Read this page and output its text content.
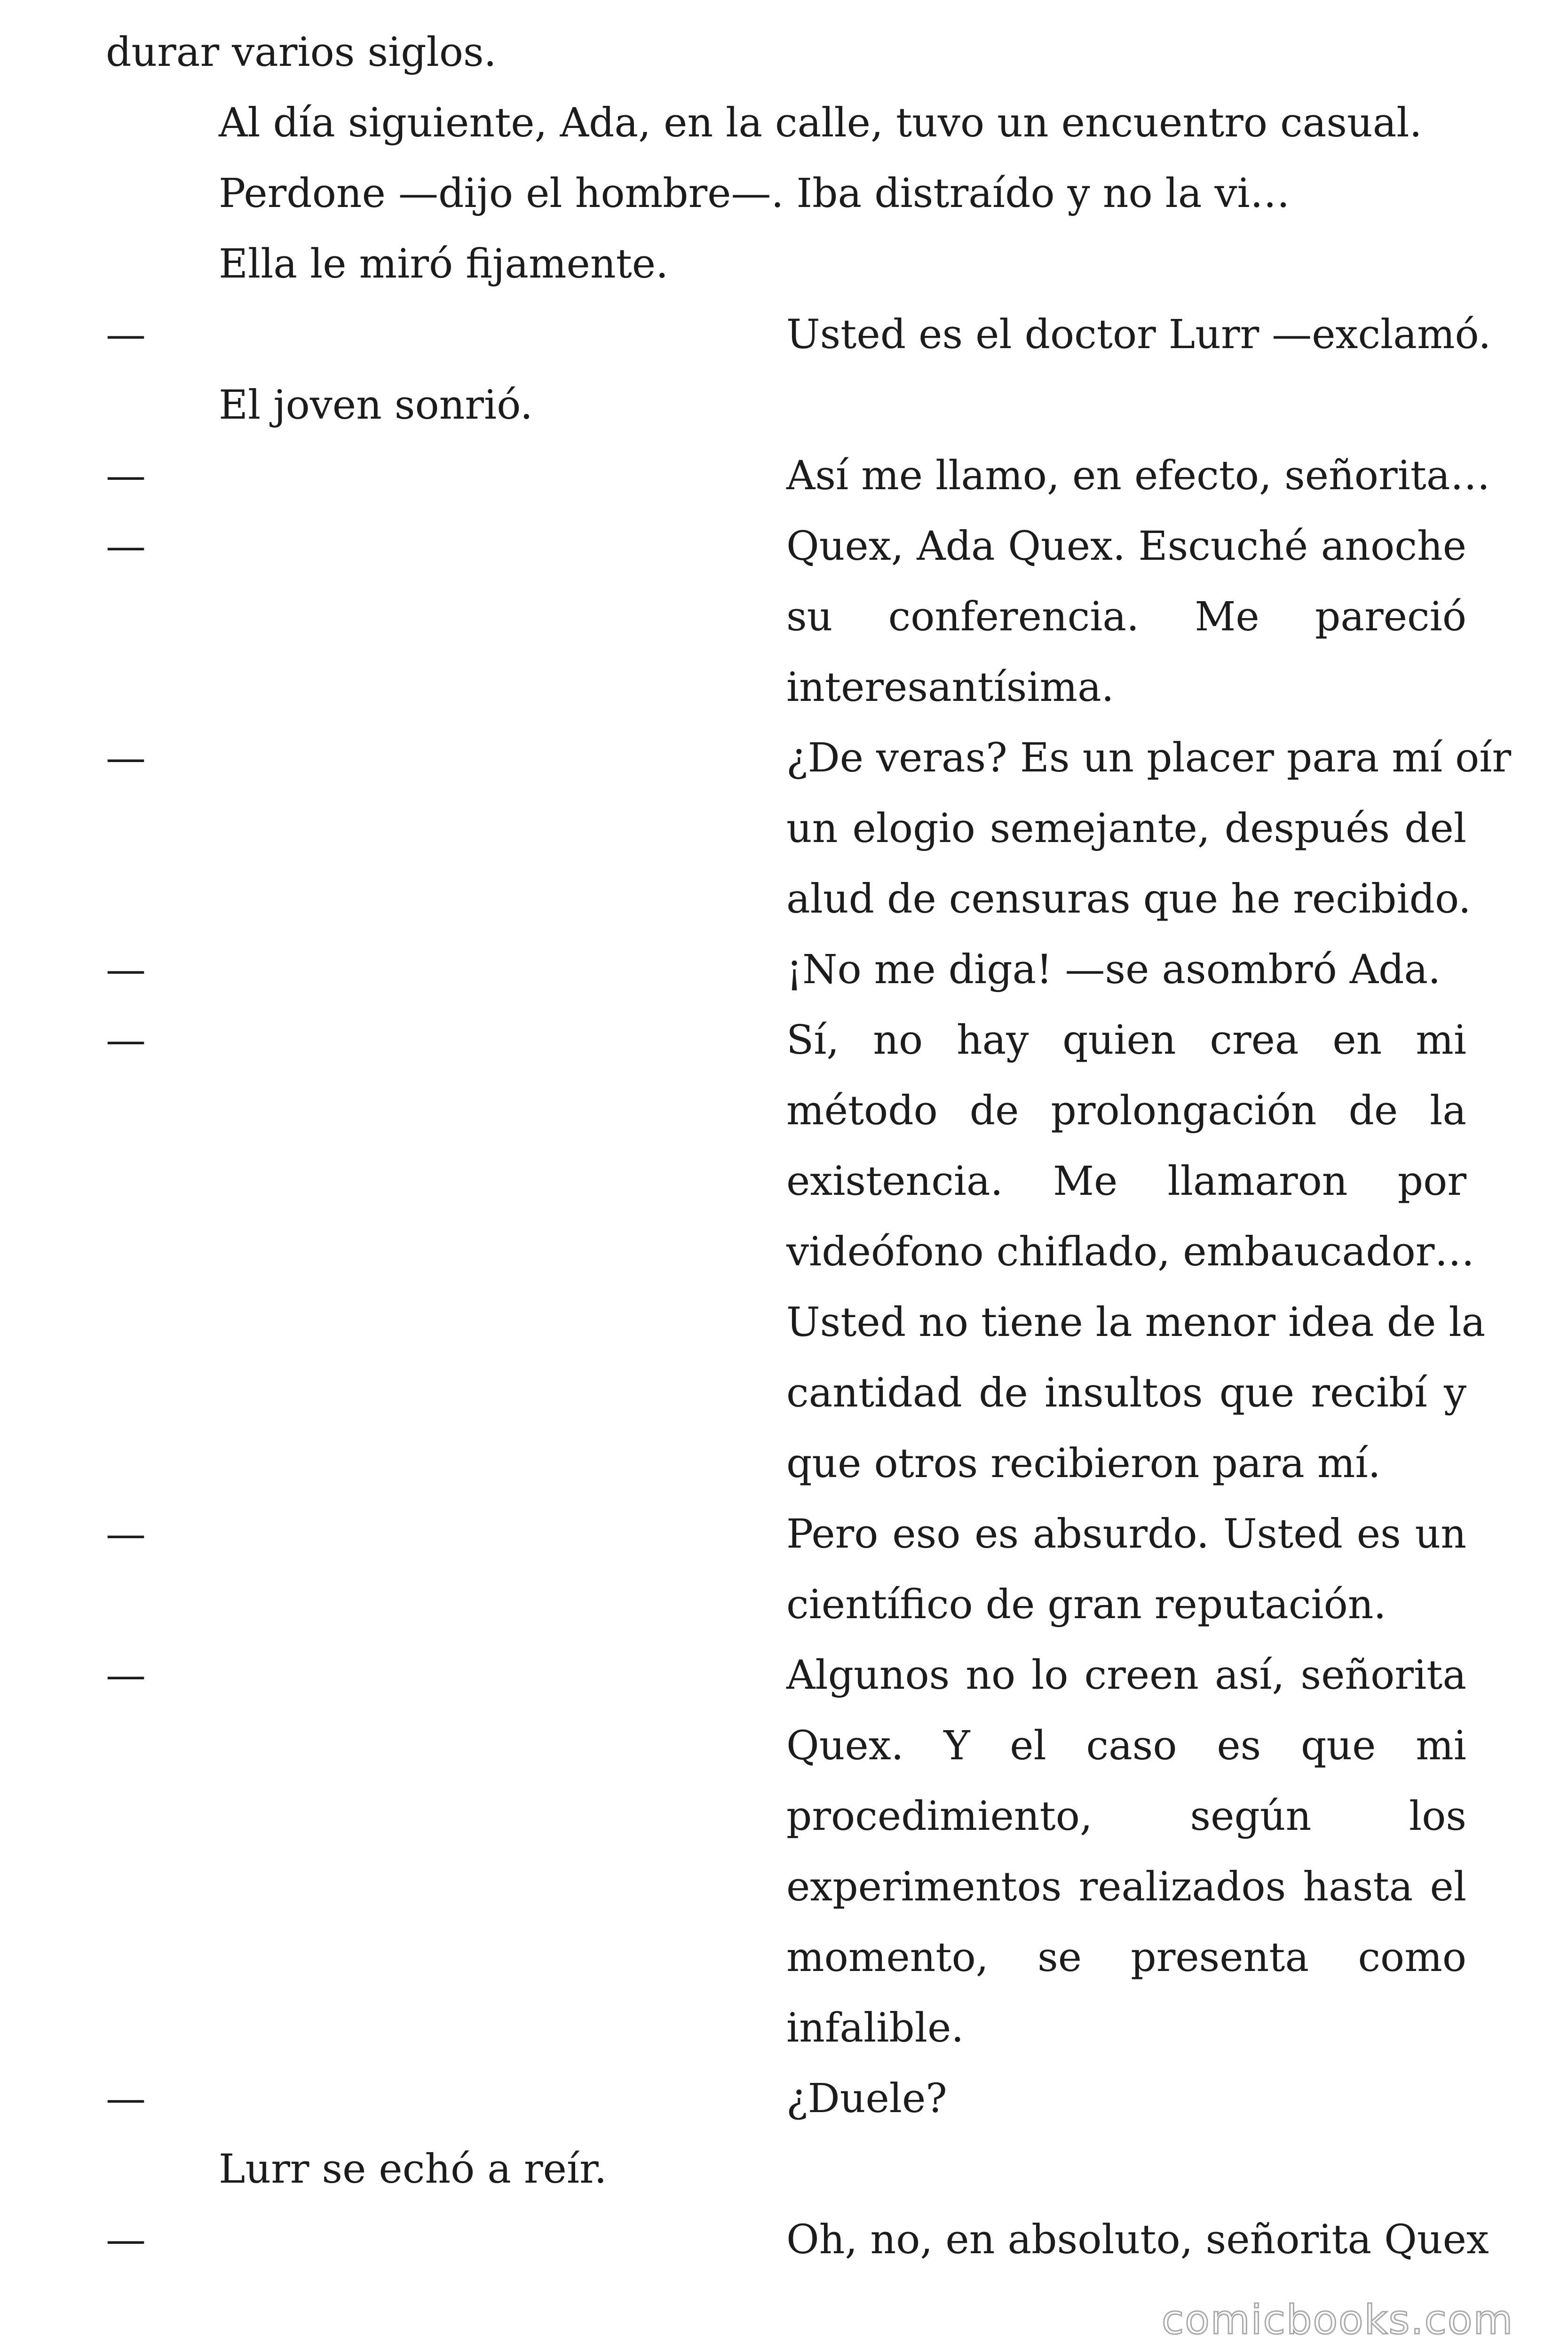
durar varios siglos.
Al día siguiente, Ada, en la calle, tuvo un encuentro casual.
Perdone —dijo el hombre—. Iba distraído y no la vi…
Ella le miró fijamente.
—	Usted es el doctor Lurr —exclamó.
El joven sonrió.
—	Así me llamo, en efecto, señorita…
—	Quex, Ada Quex. Escuché anoche
su conferencia. Me pareció
interesantísima.
—	¿De veras? Es un placer para mí oír
un elogio semejante, después del
alud de censuras que he recibido.
—	¡No me diga! —se asombró Ada.
—	Sí, no hay quien crea en mi
método de prolongación de la
existencia. Me llamaron por
videófono chiflado, embaucador…
Usted no tiene la menor idea de la
cantidad de insultos que recibí y
que otros recibieron para mí.
—	Pero eso es absurdo. Usted es un
científico de gran reputación.
—	Algunos no lo creen así, señorita
Quex. Y el caso es que mi
procedimiento, según los
experimentos realizados hasta el
momento, se presenta como
infalible.
—	¿Duele?
Lurr se echó a reír.
—	Oh, no, en absoluto, señorita Quex
comicbooks.com
